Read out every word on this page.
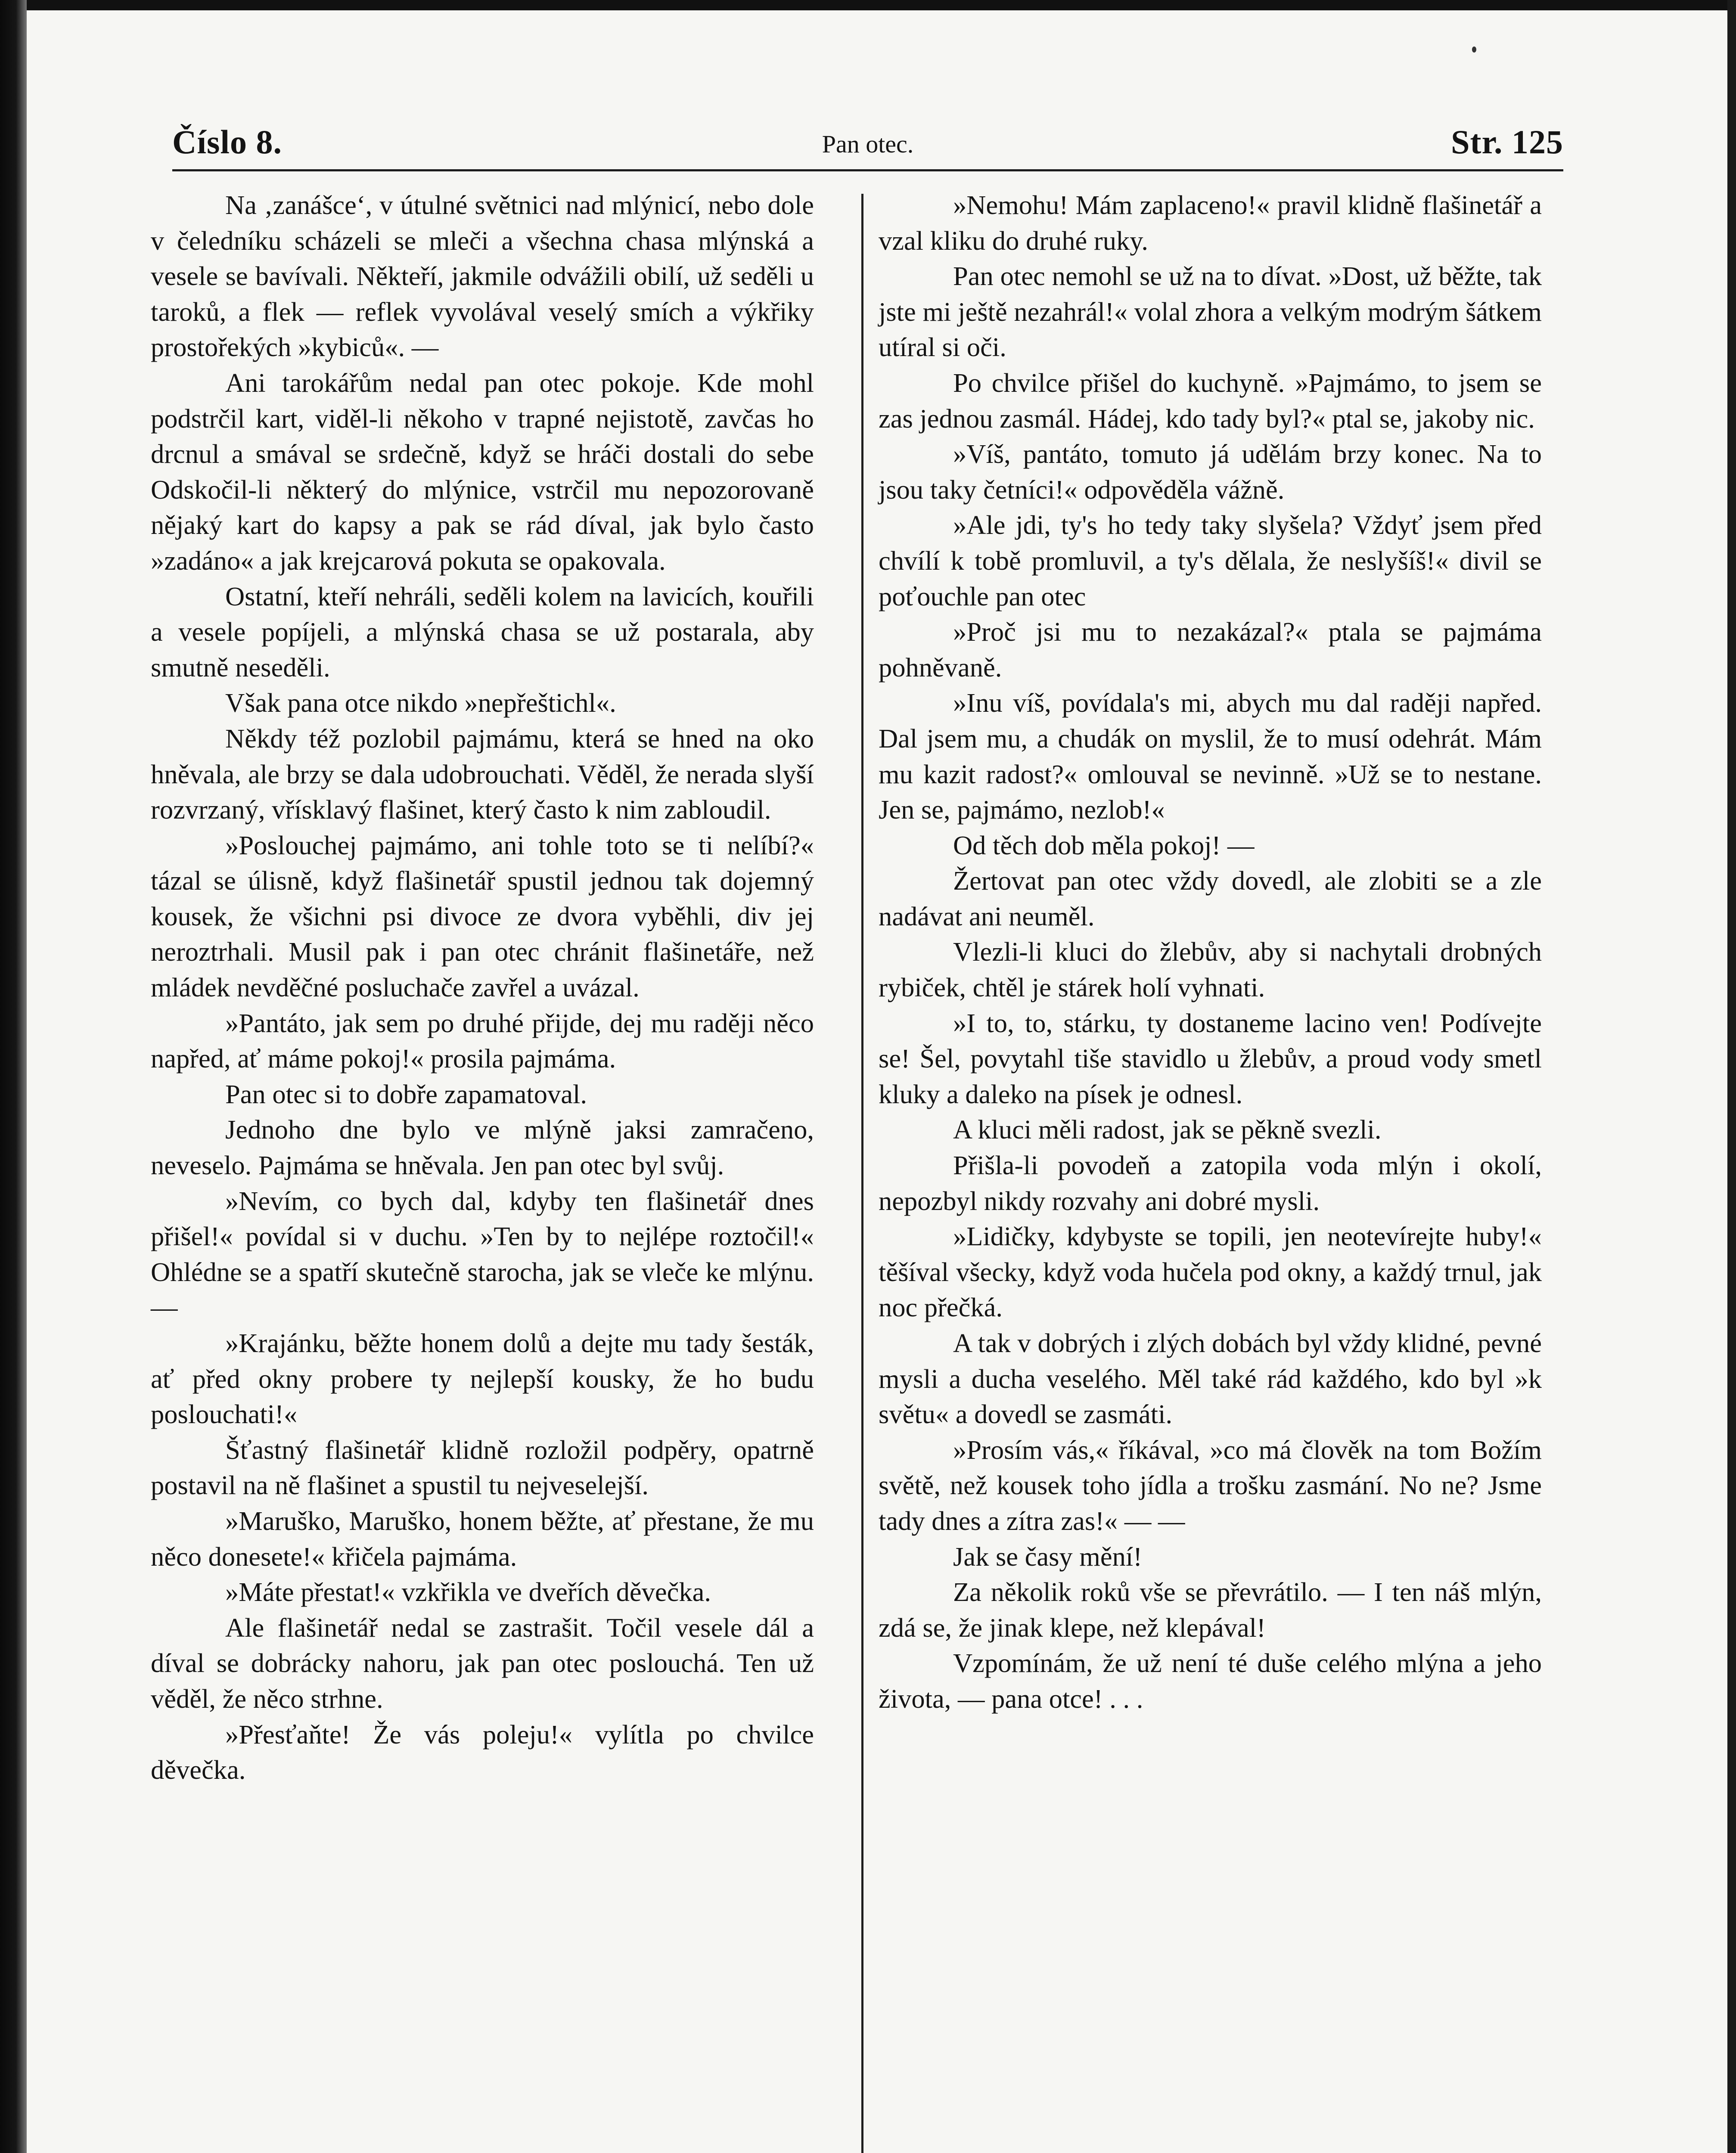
Číslo 8.	Pan otec.	Str. 125

Na ‚zanášce‘, v útulné světnici nad mlýnicí, nebo dole v čeledníku scházeli se mleči a všechna chasa mlýnská a vesele se bavívali. Někteří, jakmile odvážili obilí, už seděli u taroků, a flek — reflek vyvolával veselý smích a výkřiky prostořekých »kybiců«. —

Ani tarokářům nedal pan otec pokoje. Kde mohl podstrčil kart, viděl-li někoho v trapné nejistotě, zavčas ho drcnul a smával se srdečně, když se hráči dostali do sebe Odskočil-li některý do mlýnice, vstrčil mu nepozorovaně nějaký kart do kapsy a pak se rád díval, jak bylo často »zadáno« a jak krejcarová pokuta se opakovala.

Ostatní, kteří nehráli, seděli kolem na lavicích, kouřili a vesele popíjeli, a mlýnská chasa se už postarala, aby smutně neseděli.

Však pana otce nikdo »nepřeštichl«.

Někdy též pozlobil pajmámu, která se hned na oko hněvala, ale brzy se dala udobrouchati. Věděl, že nerada slyší rozvrzaný, vřísklavý flašinet, který často k nim zabloudil.

»Poslouchej pajmámo, ani tohle toto se ti nelíbí?« tázal se úlisně, když flašinetář spustil jednou tak dojemný kousek, že všichni psi divoce ze dvora vyběhli, div jej neroztrhali. Musil pak i pan otec chránit flašinetáře, než mládek nevděčné posluchače zavřel a uvázal.

»Pantáto, jak sem po druhé přijde, dej mu raději něco napřed, ať máme pokoj!« prosila pajmáma.

Pan otec si to dobře zapamatoval.

Jednoho dne bylo ve mlýně jaksi zamračeno, neveselo. Pajmáma se hněvala. Jen pan otec byl svůj.

»Nevím, co bych dal, kdyby ten flašinetář dnes přišel!« povídal si v duchu. »Ten by to nejlépe roztočil!« Ohlédne se a spatří skutečně starocha, jak se vleče ke mlýnu. —

»Krajánku, běžte honem dolů a dejte mu tady šesták, ať před okny probere ty nejlepší kousky, že ho budu poslouchati!«

Šťastný flašinetář klidně rozložil podpěry, opatrně postavil na ně flašinet a spustil tu nejveselejší.

»Maruško, Maruško, honem běžte, ať přestane, že mu něco donesete!« křičela pajmáma.

»Máte přestat!« vzkřikla ve dveřích děvečka.

Ale flašinetář nedal se zastrašit. Točil vesele dál a díval se dobrácky nahoru, jak pan otec poslouchá. Ten už věděl, že něco strhne.

»Přesťaňte! Že vás poleju!« vylítla po chvilce děvečka.

»Nemohu! Mám zaplaceno!« pravil klidně flašinetář a vzal kliku do druhé ruky.

Pan otec nemohl se už na to dívat. »Dost, už běžte, tak jste mi ještě nezahrál!« volal zhora a velkým modrým šátkem utíral si oči.

Po chvilce přišel do kuchyně. »Pajmámo, to jsem se zas jednou zasmál. Hádej, kdo tady byl?« ptal se, jakoby nic.

»Víš, pantáto, tomuto já udělám brzy konec. Na to jsou taky četníci!« odpověděla vážně.

»Ale jdi, ty's ho tedy taky slyšela? Vždyť jsem před chvílí k tobě promluvil, a ty's dělala, že neslyšíš!« divil se poťouchle pan otec

»Proč jsi mu to nezakázal?« ptala se pajmáma pohněvaně.

»Inu víš, povídala's mi, abych mu dal raději napřed. Dal jsem mu, a chudák on myslil, že to musí odehrát. Mám mu kazit radost?« omlouval se nevinně. »Už se to nestane. Jen se, pajmámo, nezlob!«

Od těch dob měla pokoj! —

Žertovat pan otec vždy dovedl, ale zlobiti se a zle nadávat ani neuměl.

Vlezli-li kluci do žlebův, aby si nachytali drobných rybiček, chtěl je stárek holí vyhnati.

»I to, to, stárku, ty dostaneme lacino ven! Podívejte se! Šel, povytahl tiše stavidlo u žlebův, a proud vody smetl kluky a daleko na písek je odnesl.

A kluci měli radost, jak se pěkně svezli.

Přišla-li povodeň a zatopila voda mlýn i okolí, nepozbyl nikdy rozvahy ani dobré mysli.

»Lidičky, kdybyste se topili, jen neotevírejte huby!« těšíval všecky, když voda hučela pod okny, a každý trnul, jak noc přečká.

A tak v dobrých i zlých dobách byl vždy klidné, pevné mysli a ducha veselého. Měl také rád každého, kdo byl »k světu« a dovedl se zasmáti.

»Prosím vás,« říkával, »co má člověk na tom Božím světě, než kousek toho jídla a trošku zasmání. No ne? Jsme tady dnes a zítra zas!« — —

Jak se časy mění!

Za několik roků vše se převrátilo. — I ten náš mlýn, zdá se, že jinak klepe, než klepával!

Vzpomínám, že už není té duše celého mlýna a jeho života, — pana otce! . . .
